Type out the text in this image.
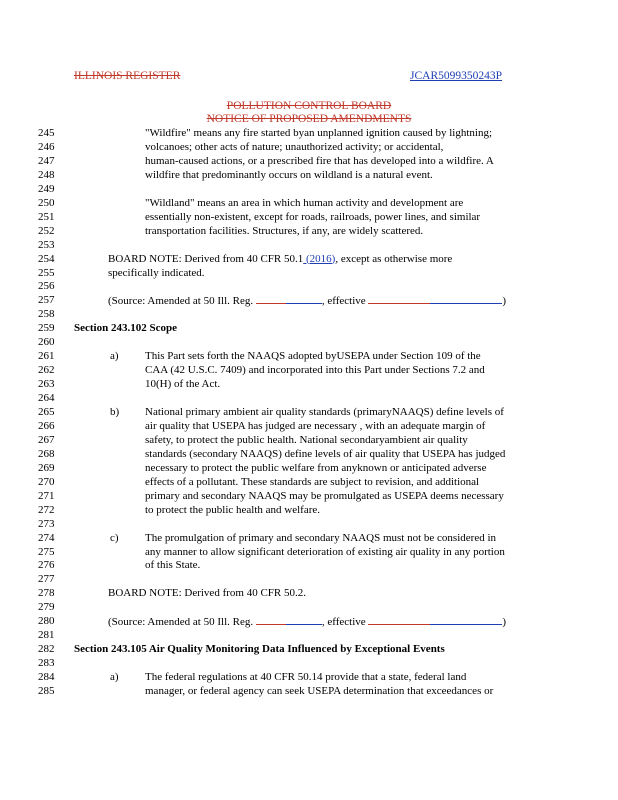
ILLINOIS REGISTER	JCAR5099350243P
POLLUTION CONTROL BOARD
NOTICE OF PROPOSED AMENDMENTS
245	"Wildfire" means any fire started byan unplanned ignition caused by lightning;
246	volcanoes; other acts of nature; unauthorized activity; or accidental,
247	human-caused actions, or a prescribed fire that has developed into a wildfire. A
248	wildfire that predominantly occurs on wildland is a natural event.
249
250	"Wildland" means an area in which human activity and development are
251	essentially non-existent, except for roads, railroads, power lines, and similar
252	transportation facilities. Structures, if any, are widely scattered.
253
254	BOARD NOTE: Derived from 40 CFR 50.1 (2016), except as otherwise more
255	specifically indicated.
256
257	(Source: Amended at 50 Ill. Reg.	, effective	)
258
259	Section 243.102 Scope
260
261	This Part sets forth the NAAQS adopted byUSEPA under Section 109 of the
262	CAA (42 U.S.C. 7409) and incorporated into this Part under Sections 7.2 and
263	10(H) of the Act.
264
265	National primary ambient air quality standards (primaryNAAQS) define levels of
266	air quality that USEPA has judged are necessary , with an adequate margin of
267	safety, to protect the public health. National secondaryambient air quality
268	standards (secondary NAAQS) define levels of air quality that USEPA has judged
269	necessary to protect the public welfare from anyknown or anticipated adverse
270	effects of a pollutant. These standards are subject to revision, and additional
271	primary and secondary NAAQS may be promulgated as USEPA deems necessary
272	to protect the public health and welfare.
273
274	The promulgation of primary and secondary NAAQS must not be considered in
275	any manner to allow significant deterioration of existing air quality in any portion
276	of this State.
277
278	BOARD NOTE: Derived from 40 CFR 50.2.
279
280	(Source: Amended at 50 Ill. Reg.	, effective	)
281
282	Section 243.105 Air Quality Monitoring Data Influenced by Exceptional Events
283
284	The federal regulations at 40 CFR 50.14 provide that a state, federal land
285	manager, or federal agency can seek USEPA determination that exceedances or
a)
b)
c)
a)
